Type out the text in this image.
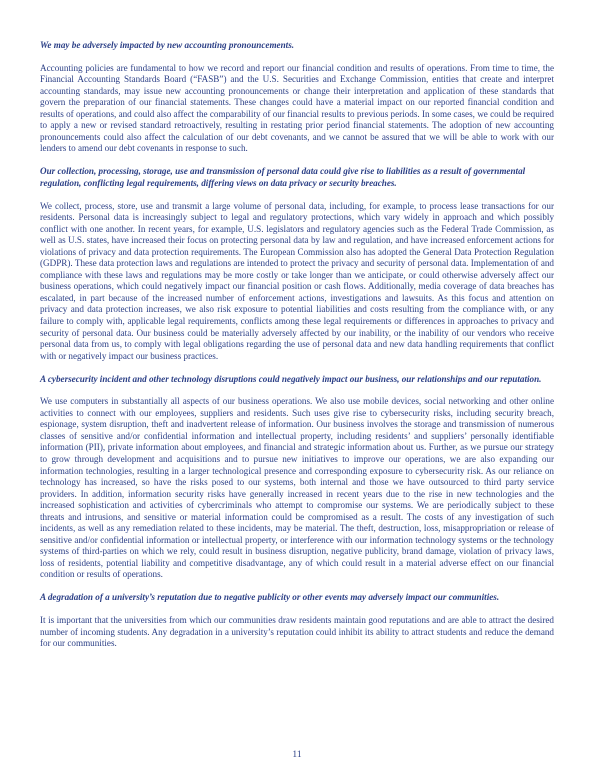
We may be adversely impacted by new accounting pronouncements.
Accounting policies are fundamental to how we record and report our financial condition and results of operations. From time to time, the Financial Accounting Standards Board (“FASB”) and the U.S. Securities and Exchange Commission, entities that create and interpret accounting standards, may issue new accounting pronouncements or change their interpretation and application of these standards that govern the preparation of our financial statements. These changes could have a material impact on our reported financial condition and results of operations, and could also affect the comparability of our financial results to previous periods. In some cases, we could be required to apply a new or revised standard retroactively, resulting in restating prior period financial statements. The adoption of new accounting pronouncements could also affect the calculation of our debt covenants, and we cannot be assured that we will be able to work with our lenders to amend our debt covenants in response to such.
Our collection, processing, storage, use and transmission of personal data could give rise to liabilities as a result of governmental regulation, conflicting legal requirements, differing views on data privacy or security breaches.
We collect, process, store, use and transmit a large volume of personal data, including, for example, to process lease transactions for our residents. Personal data is increasingly subject to legal and regulatory protections, which vary widely in approach and which possibly conflict with one another. In recent years, for example, U.S. legislators and regulatory agencies such as the Federal Trade Commission, as well as U.S. states, have increased their focus on protecting personal data by law and regulation, and have increased enforcement actions for violations of privacy and data protection requirements. The European Commission also has adopted the General Data Protection Regulation (GDPR). These data protection laws and regulations are intended to protect the privacy and security of personal data. Implementation of and compliance with these laws and regulations may be more costly or take longer than we anticipate, or could otherwise adversely affect our business operations, which could negatively impact our financial position or cash flows. Additionally, media coverage of data breaches has escalated, in part because of the increased number of enforcement actions, investigations and lawsuits. As this focus and attention on privacy and data protection increases, we also risk exposure to potential liabilities and costs resulting from the compliance with, or any failure to comply with, applicable legal requirements, conflicts among these legal requirements or differences in approaches to privacy and security of personal data. Our business could be materially adversely affected by our inability, or the inability of our vendors who receive personal data from us, to comply with legal obligations regarding the use of personal data and new data handling requirements that conflict with or negatively impact our business practices.
A cybersecurity incident and other technology disruptions could negatively impact our business, our relationships and our reputation.
We use computers in substantially all aspects of our business operations. We also use mobile devices, social networking and other online activities to connect with our employees, suppliers and residents. Such uses give rise to cybersecurity risks, including security breach, espionage, system disruption, theft and inadvertent release of information. Our business involves the storage and transmission of numerous classes of sensitive and/or confidential information and intellectual property, including residents’ and suppliers’ personally identifiable information (PII), private information about employees, and financial and strategic information about us. Further, as we pursue our strategy to grow through development and acquisitions and to pursue new initiatives to improve our operations, we are also expanding our information technologies, resulting in a larger technological presence and corresponding exposure to cybersecurity risk. As our reliance on technology has increased, so have the risks posed to our systems, both internal and those we have outsourced to third party service providers. In addition, information security risks have generally increased in recent years due to the rise in new technologies and the increased sophistication and activities of cybercriminals who attempt to compromise our systems. We are periodically subject to these threats and intrusions, and sensitive or material information could be compromised as a result. The costs of any investigation of such incidents, as well as any remediation related to these incidents, may be material. The theft, destruction, loss, misappropriation or release of sensitive and/or confidential information or intellectual property, or interference with our information technology systems or the technology systems of third-parties on which we rely, could result in business disruption, negative publicity, brand damage, violation of privacy laws, loss of residents, potential liability and competitive disadvantage, any of which could result in a material adverse effect on our financial condition or results of operations.
A degradation of a university’s reputation due to negative publicity or other events may adversely impact our communities.
It is important that the universities from which our communities draw residents maintain good reputations and are able to attract the desired number of incoming students. Any degradation in a university’s reputation could inhibit its ability to attract students and reduce the demand for our communities.
11
